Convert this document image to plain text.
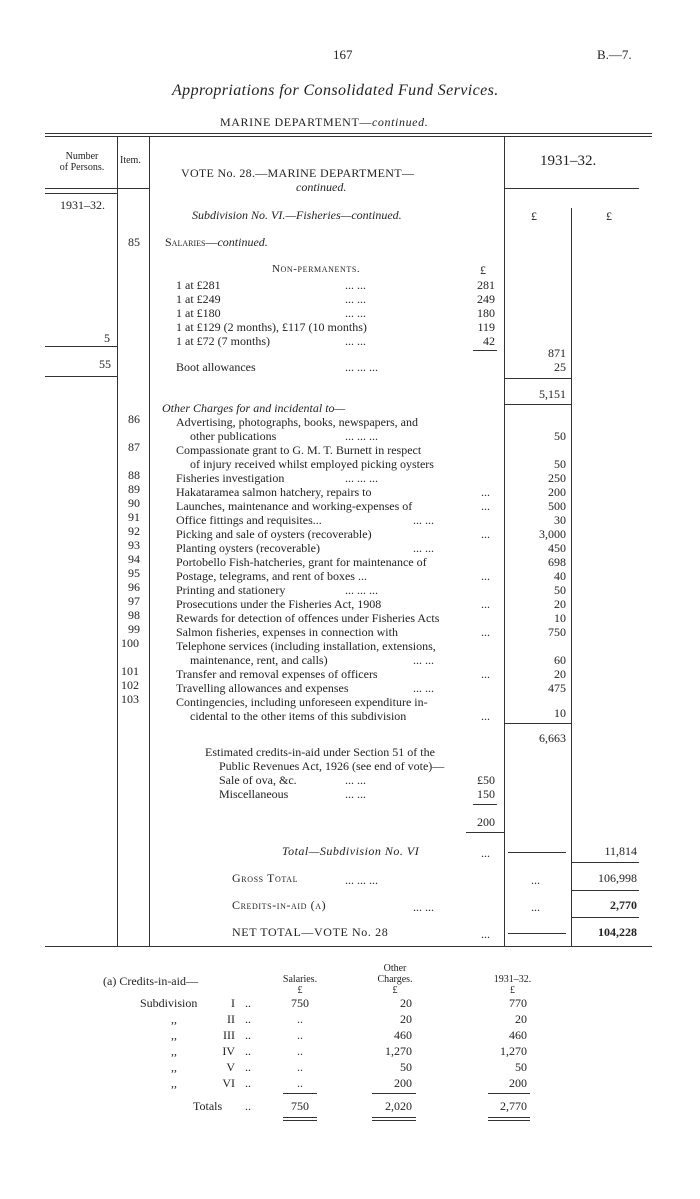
167	B.—7.
Appropriations for Consolidated Fund Services.
MARINE DEPARTMENT—continued.
Number
of Persons.
Item.
1931–32.
1931–32.
£	£
VOTE No. 28.—MARINE DEPARTMENT—
continued.
Subdivision No. VI.—Fisheries—continued.
85 Salaries—continued.
Non-permanents.	£
1 at £281	... ...	281
1 at £249	... ...	249
1 at £180	... ...	180
1 at £129 (2 months), £117 (10 months)	119
5	1 at £72 (7 months)	... ...	42
871
55	Boot allowances	... ... ...	25
5,151
Other Charges for and incidental to—
86	Advertising, photographs, books, newspapers, and
other publications	... ... ...	50
87	Compassionate grant to G. M. T. Burnett in respect
of injury received whilst employed picking oysters	50
88	Fisheries investigation	... ... ...	250
89	Hakataramea salmon hatchery, repairs to	...	200
90	Launches, maintenance and working-expenses of	...	500
91	Office fittings and requisites...	... ...	30
92	Picking and sale of oysters (recoverable)	...	3,000
93	Planting oysters (recoverable)	... ...	450
94	Portobello Fish-hatcheries, grant for maintenance of	698
95	Postage, telegrams, and rent of boxes ...	...	40
96	Printing and stationery	... ... ...	50
97	Prosecutions under the Fisheries Act, 1908	...	20
98	Rewards for detection of offences under Fisheries Acts	10
99	Salmon fisheries, expenses in connection with	...	750
100	Telephone services (including installation, extensions,
maintenance, rent, and calls)	... ...	60
101	Transfer and removal expenses of officers	...	20
102	Travelling allowances and expenses	... ...	475
103	Contingencies, including unforeseen expenditure in-
cidental to the other items of this subdivision	...	10
6,663
Estimated credits-in-aid under Section 51 of the
Public Revenues Act, 1926 (see end of vote)—
Sale of ova, &c.	... ...	£50
Miscellaneous	... ...	150
200
Total—Subdivision No. VI	...	11,814
Gross Total	... ... ...	...	106,998
Credits-in-aid (a)	... ...	...	2,770
NET TOTAL—VOTE No. 28	...	104,228
(a) Credits-in-aid—	Salaries.
Other
Charges.	1931–32.
£	£	£
Subdivision	I ..	750	20	770
,,	II ..	..	20	20
,,	III ..	..	460	460
,,	IV ..	..	1,270	1,270
,,	V ..	..	50	50
,,	VI ..	..	200	200
Totals ..	750	2,020	2,770
